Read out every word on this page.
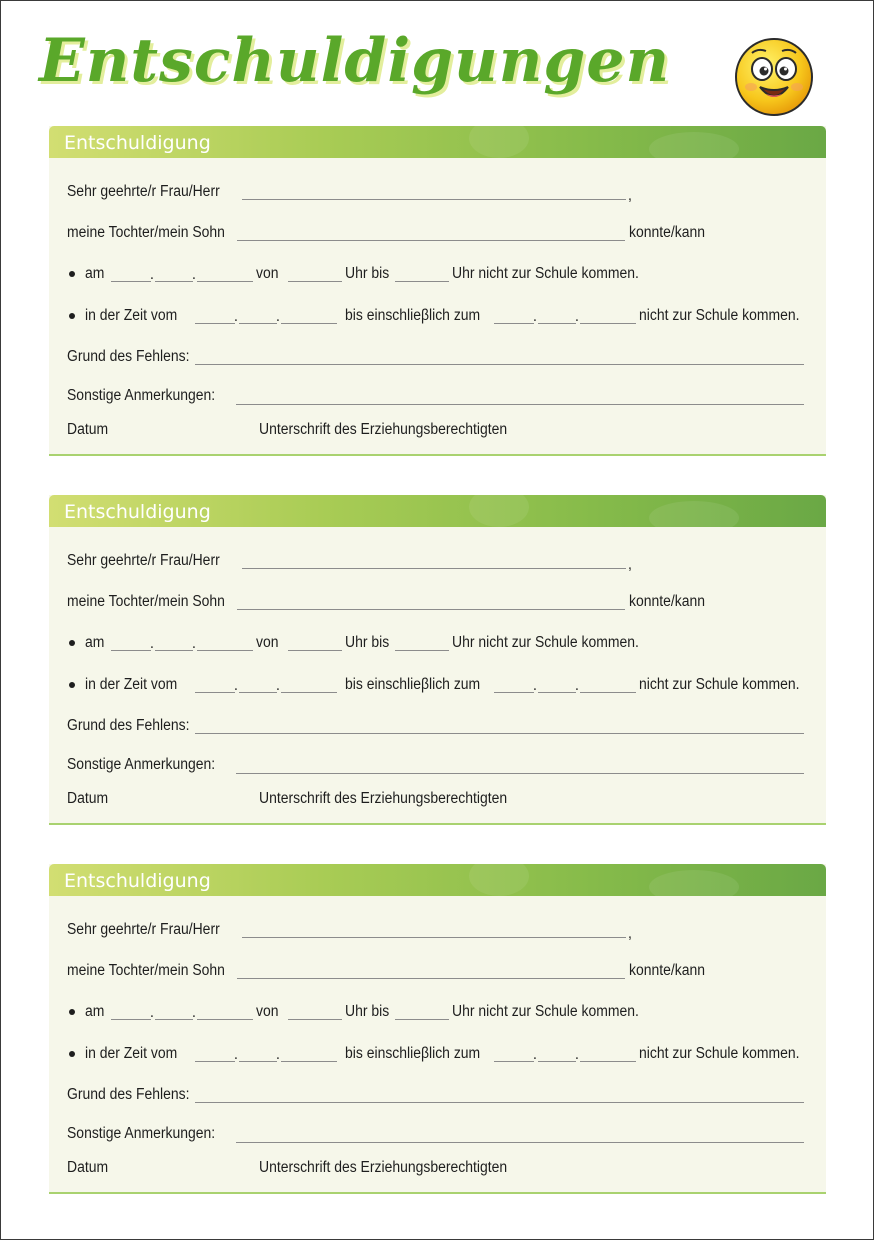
Entschuldigungen
Entschuldigung
Sehr geehrte/r Frau/Herr	,
meine Tochter/mein Sohn	konnte/kann
am	. .	von	Uhr bis	Uhr nicht zur Schule kommen.
in der Zeit vom	. .	bis einschlieβlich zum	. .	nicht zur Schule kommen.
Grund des Fehlens:
Sonstige Anmerkungen:
Datum	Unterschrift des Erziehungsberechtigten
Entschuldigung
Sehr geehrte/r Frau/Herr	,
meine Tochter/mein Sohn	konnte/kann
am	. .	von	Uhr bis	Uhr nicht zur Schule kommen.
in der Zeit vom	. .	bis einschlieβlich zum	. .	nicht zur Schule kommen.
Grund des Fehlens:
Sonstige Anmerkungen:
Datum	Unterschrift des Erziehungsberechtigten
Entschuldigung
Sehr geehrte/r Frau/Herr	,
meine Tochter/mein Sohn	konnte/kann
am	. .	von	Uhr bis	Uhr nicht zur Schule kommen.
in der Zeit vom	. .	bis einschlieβlich zum	. .	nicht zur Schule kommen.
Grund des Fehlens:
Sonstige Anmerkungen:
Datum	Unterschrift des Erziehungsberechtigten
